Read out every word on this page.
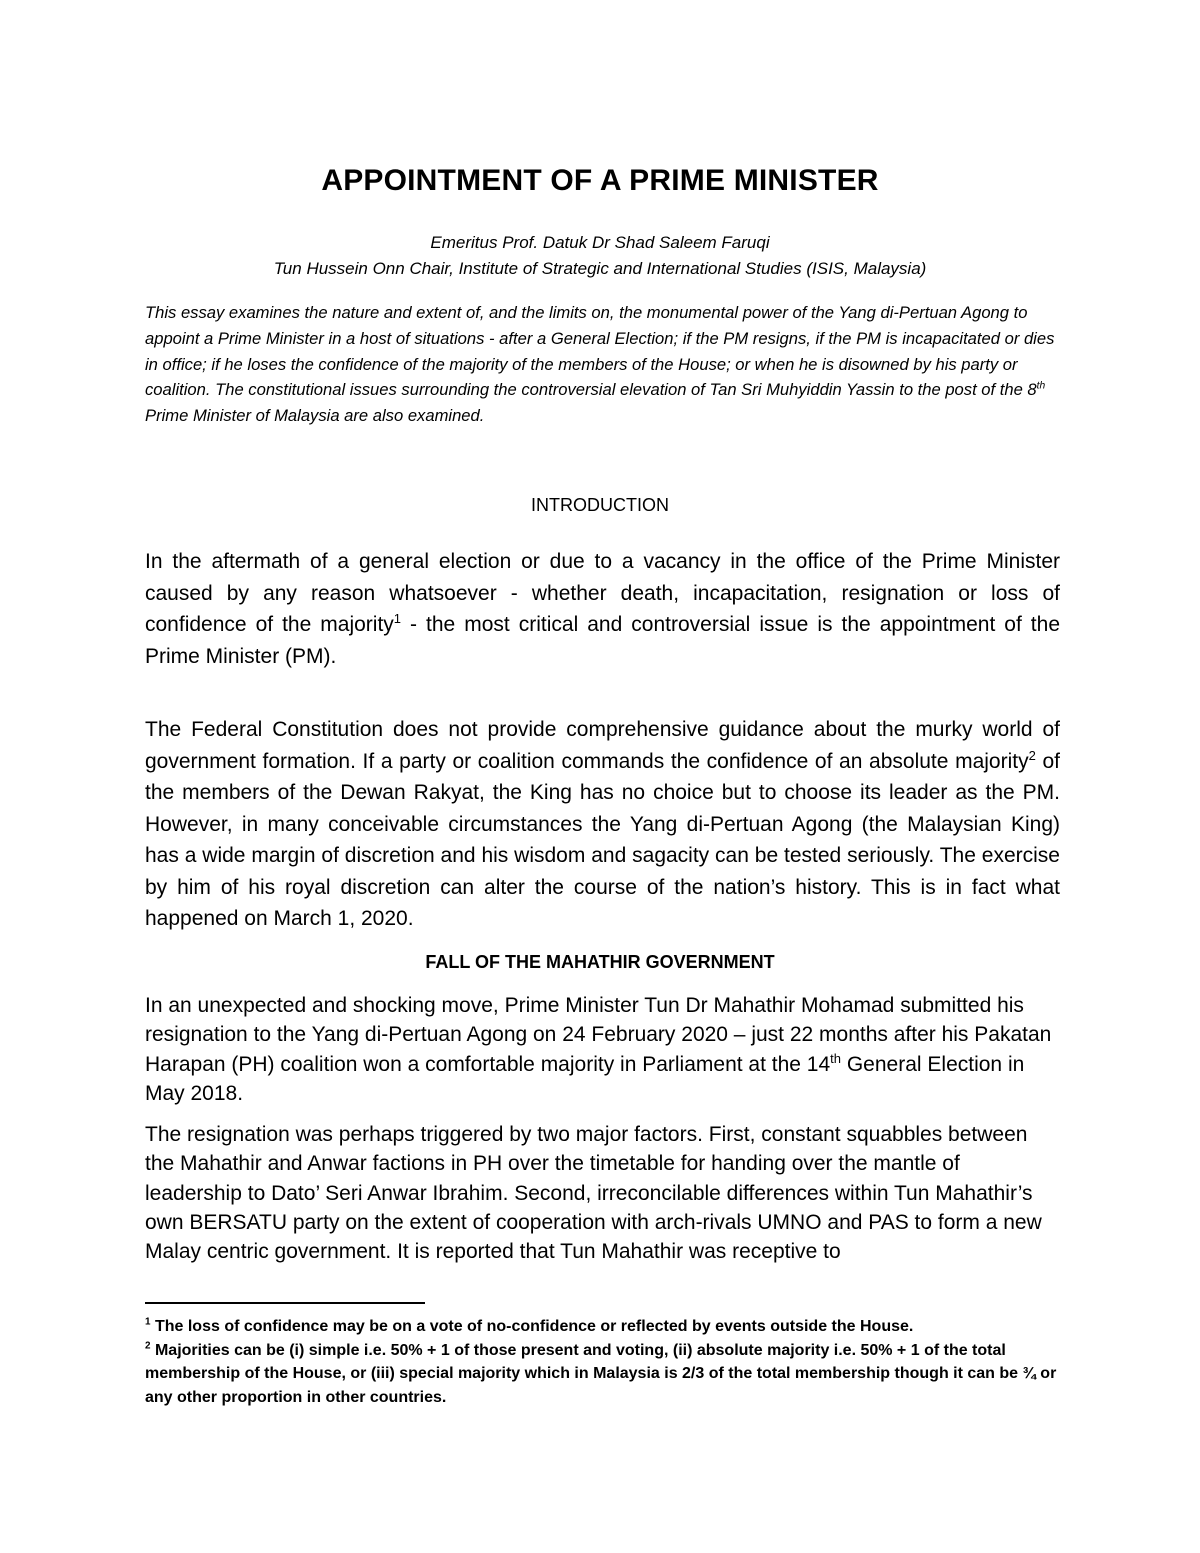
APPOINTMENT OF A PRIME MINISTER
Emeritus Prof. Datuk Dr Shad Saleem Faruqi
Tun Hussein Onn Chair, Institute of Strategic and International Studies (ISIS, Malaysia)

This essay examines the nature and extent of, and the limits on, the monumental power of the Yang di-Pertuan Agong to appoint a Prime Minister in a host of situations - after a General Election; if the PM resigns, if the PM is incapacitated or dies in office; if he loses the confidence of the majority of the members of the House; or when he is disowned by his party or coalition. The constitutional issues surrounding the controversial elevation of Tan Sri Muhyiddin Yassin to the post of the 8th Prime Minister of Malaysia are also examined.

INTRODUCTION

In the aftermath of a general election or due to a vacancy in the office of the Prime Minister caused by any reason whatsoever - whether death, incapacitation, resignation or loss of confidence of the majority$^1$ - the most critical and controversial issue is the appointment of the Prime Minister (PM).

The Federal Constitution does not provide comprehensive guidance about the murky world of government formation. If a party or coalition commands the confidence of an absolute majority$^2$ of the members of the Dewan Rakyat, the King has no choice but to choose its leader as the PM. However, in many conceivable circumstances the Yang di-Pertuan Agong (the Malaysian King) has a wide margin of discretion and his wisdom and sagacity can be tested seriously. The exercise by him of his royal discretion can alter the course of the nation’s history. This is in fact what happened on March 1, 2020.

FALL OF THE MAHATHIR GOVERNMENT

In an unexpected and shocking move, Prime Minister Tun Dr Mahathir Mohamad submitted his resignation to the Yang di-Pertuan Agong on 24 February 2020 – just 22 months after his Pakatan Harapan (PH) coalition won a comfortable majority in Parliament at the 14th General Election in May 2018.

The resignation was perhaps triggered by two major factors. First, constant squabbles between the Mahathir and Anwar factions in PH over the timetable for handing over the mantle of leadership to Dato’ Seri Anwar Ibrahim. Second, irreconcilable differences within Tun Mahathir’s own BERSATU party on the extent of cooperation with arch-rivals UMNO and PAS to form a new Malay centric government. It is reported that Tun Mahathir was receptive to

$^1$ The loss of confidence may be on a vote of no-confidence or reflected by events outside the House.

$^2$ Majorities can be (i) simple i.e. 50% + 1 of those present and voting, (ii) absolute majority i.e. 50% + 1 of the total membership of the House, or (iii) special majority which in Malaysia is 2/3 of the total membership though it can be ¾ or any other proportion in other countries.
